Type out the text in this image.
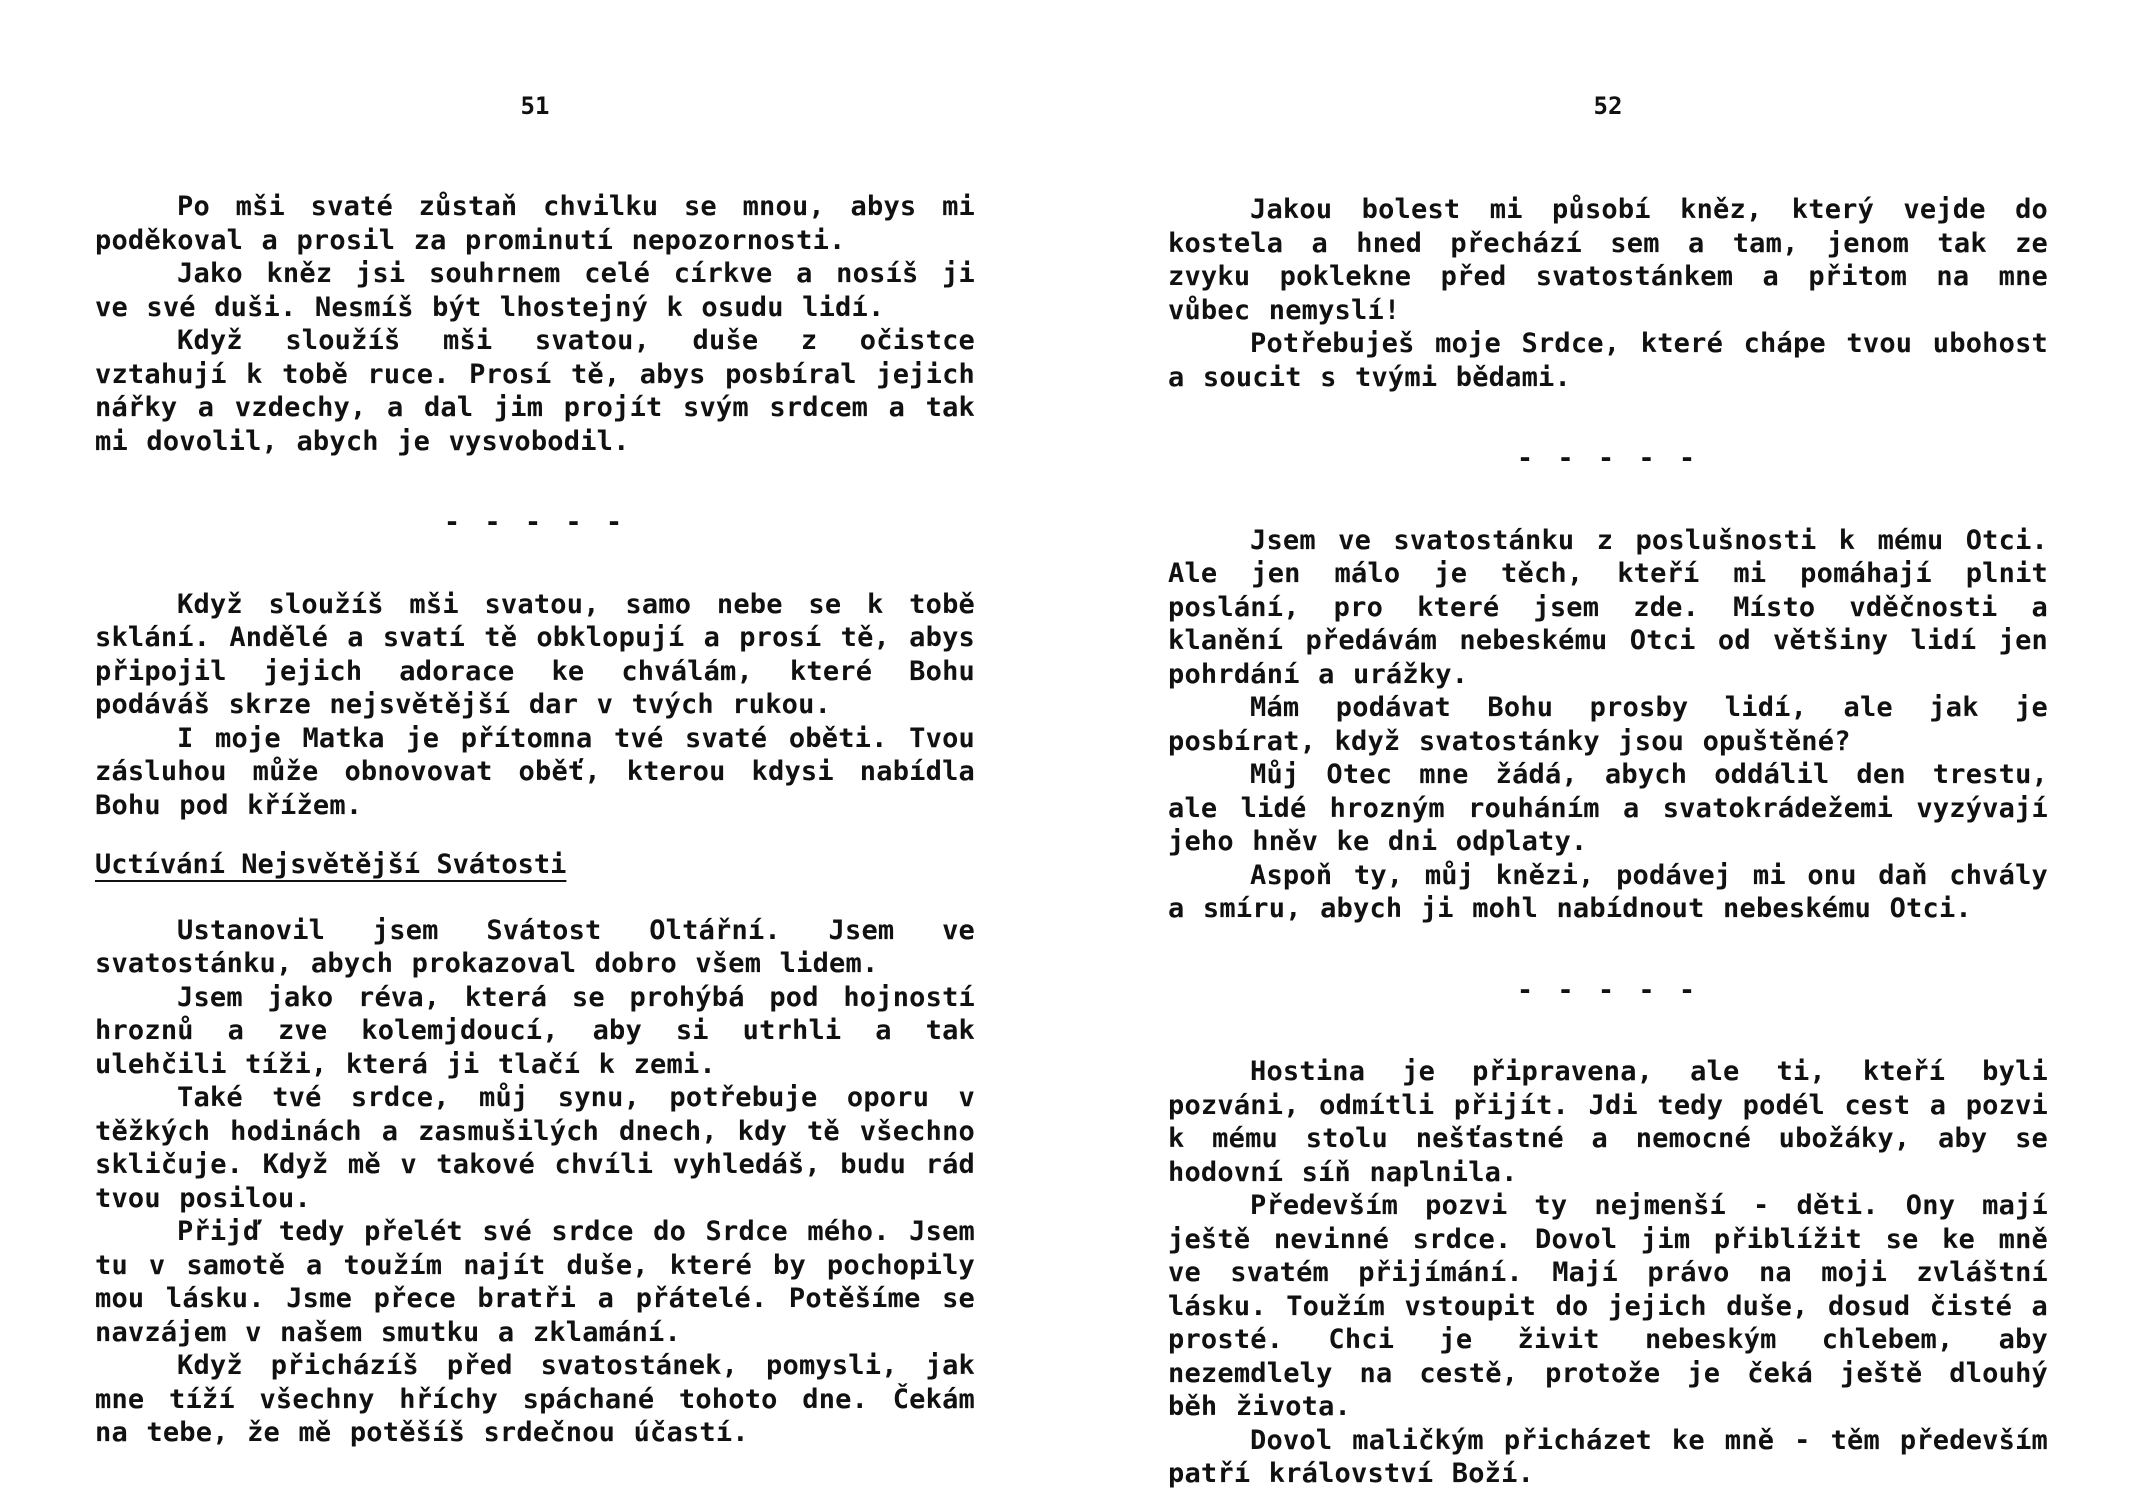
51

Po mši svaté zůstaň chvilku se mnou, abys mi poděkoval a prosil za prominutí nepozornosti.

Jako kněz jsi souhrnem celé církve a nosíš ji ve své duši. Nesmíš být lhostejný k osudu lidí.

Když sloužíš mši svatou, duše z očistce vztahují k tobě ruce. Prosí tě, abys posbíral jejich nářky a vzdechy, a dal jim projít svým srdcem a tak mi dovolil, abych je vysvobodil.

- - - - -

Když sloužíš mši svatou, samo nebe se k tobě sklání. Andělé a svatí tě obklopují a prosí tě, abys připojil jejich adorace ke chválám, které Bohu podáváš skrze nejsvětější dar v tvých rukou.

I moje Matka je přítomna tvé svaté oběti. Tvou zásluhou může obnovovat oběť, kterou kdysi nabídla Bohu pod křížem.

Uctívání Nejsvětější Svátosti

Ustanovil jsem Svátost Oltářní. Jsem ve svatostánku, abych prokazoval dobro všem lidem.

Jsem jako réva, která se prohýbá pod hojností hroznů a zve kolemjdoucí, aby si utrhli a tak ulehčili tíži, která ji tlačí k zemi.

Také tvé srdce, můj synu, potřebuje oporu v těžkých hodinách a zasmušilých dnech, kdy tě všechno skličuje. Když mě v takové chvíli vyhledáš, budu rád tvou posilou.

Přijď tedy přelét své srdce do Srdce mého. Jsem tu v samotě a toužím najít duše, které by pochopily mou lásku. Jsme přece bratři a přátelé. Potěšíme se navzájem v našem smutku a zklamání.

Když přicházíš před svatostánek, pomysli, jak mne tíží všechny hříchy spáchané tohoto dne. Čekám na tebe, že mě potěšíš srdečnou účastí.

52

Jakou bolest mi působí kněz, který vejde do kostela a hned přechází sem a tam, jenom tak ze zvyku poklekne před svatostánkem a přitom na mne vůbec nemyslí!

Potřebuješ moje Srdce, které chápe tvou ubohost a soucit s tvými bědami.

- - - - -

Jsem ve svatostánku z poslušnosti k mému Otci. Ale jen málo je těch, kteří mi pomáhají plnit poslání, pro které jsem zde. Místo vděčnosti a klanění předávám nebeskému Otci od většiny lidí jen pohrdání a urážky.

Mám podávat Bohu prosby lidí, ale jak je posbírat, když svatostánky jsou opuštěné?

Můj Otec mne žádá, abych oddálil den trestu, ale lidé hrozným rouháním a svatokrádežemi vyzývají jeho hněv ke dni odplaty.

Aspoň ty, můj knězi, podávej mi onu daň chvály a smíru, abych ji mohl nabídnout nebeskému Otci.

- - - - -

Hostina je připravena, ale ti, kteří byli pozváni, odmítli přijít. Jdi tedy podél cest a pozvi k mému stolu nešťastné a nemocné ubožáky, aby se hodovní síň naplnila.

Především pozvi ty nejmenší - děti. Ony mají ještě nevinné srdce. Dovol jim přiblížit se ke mně ve svatém přijímání. Mají právo na moji zvláštní lásku. Toužím vstoupit do jejich duše, dosud čisté a prosté. Chci je živit nebeským chlebem, aby nezemdlely na cestě, protože je čeká ještě dlouhý běh života.

Dovol maličkým přicházet ke mně - těm především patří království Boží.
